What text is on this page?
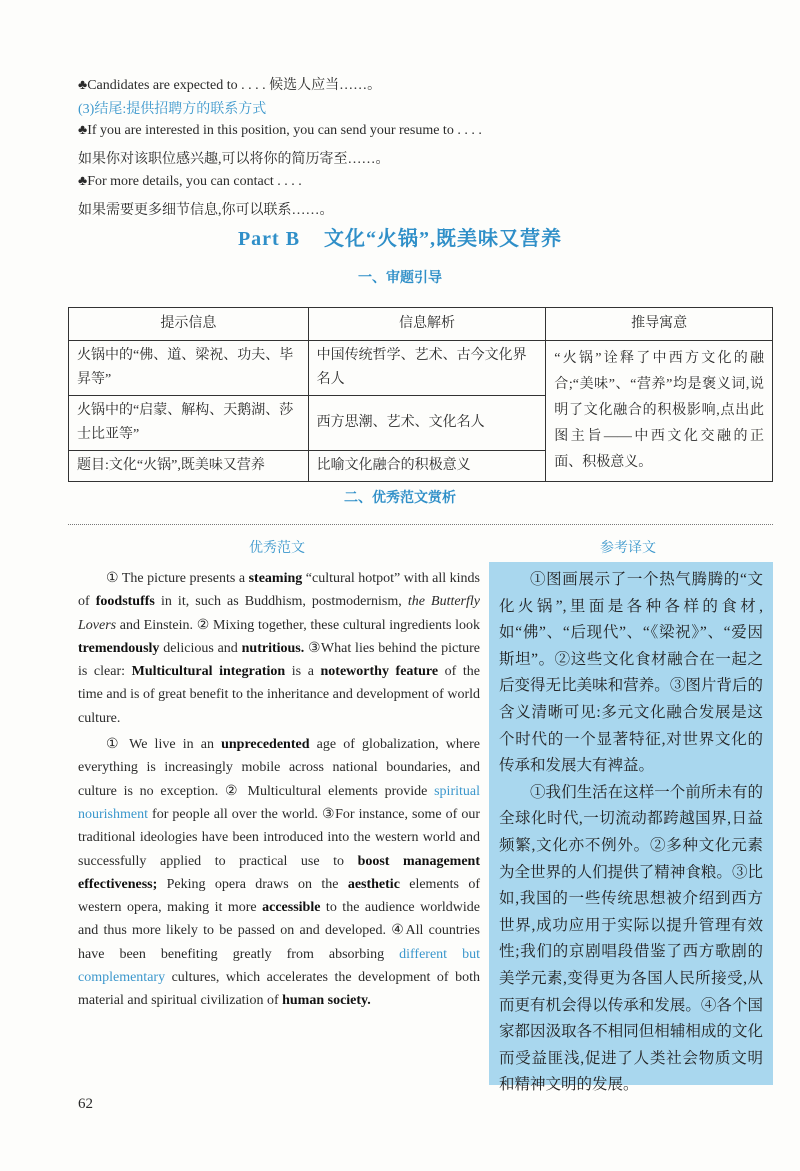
♣Candidates are expected to . . . . 候选人应当……。
(3)结尾:提供招聘方的联系方式
♣If you are interested in this position, you can send your resume to . . . .
如果你对该职位感兴趣,可以将你的简历寄至……。
♣For more details, you can contact . . . .
如果需要更多细节信息,你可以联系……。
Part B    文化“火锅”,既美味又营养
一、审题引导
提示信息	信息解析	推导寓意
火锅中的“佛、道、梁祝、功夫、毕昇等”	中国传统哲学、艺术、古今文化界名人	“火锅”诠释了中西方文化的融合;“美味”、“营养”均是褒义词,说明了文化融合的积极影响,点出此图主旨——中西文化交融的正面、积极意义。
火锅中的“启蒙、解构、天鹅湖、莎士比亚等”	西方思潮、艺术、文化名人	
题目:文化“火锅”,既美味又营养	比喻文化融合的积极意义	
二、优秀范文赏析
优秀范文	参考译文

① The picture presents a steaming “cultural hotpot” with all kinds of foodstuffs in it, such as Buddhism, postmodernism, the Butterfly Lovers and Einstein. ② Mixing together, these cultural ingredients look tremendously delicious and nutritious. ③What lies behind the picture is clear: Multicultural integration is a noteworthy feature of the time and is of great benefit to the inheritance and development of world culture.

① We live in an unprecedented age of globalization, where everything is increasingly mobile across national boundaries, and culture is no exception. ② Multicultural elements provide spiritual nourishment for people all over the world. ③For instance, some of our traditional ideologies have been introduced into the western world and successfully applied to practical use to boost management effectiveness; Peking opera draws on the aesthetic elements of western opera, making it more accessible to the audience worldwide and thus more likely to be passed on and developed. ④All countries have been benefiting greatly from absorbing different but complementary cultures, which accelerates the development of both material and spiritual civilization of human society.

①图画展示了一个热气腾腾的“文化火锅”,里面是各种各样的食材,如“佛”、“后现代”、“《梁祝》”、“爱因斯坦”。②这些文化食材融合在一起之后变得无比美味和营养。③图片背后的含义清晰可见:多元文化融合发展是这个时代的一个显著特征,对世界文化的传承和发展大有裨益。

①我们生活在这样一个前所未有的全球化时代,一切流动都跨越国界,日益频繁,文化亦不例外。②多种文化元素为全世界的人们提供了精神食粮。③比如,我国的一些传统思想被介绍到西方世界,成功应用于实际以提升管理有效性;我们的京剧唱段借鉴了西方歌剧的美学元素,变得更为各国人民所接受,从而更有机会得以传承和发展。④各个国家都因汲取各不相同但相辅相成的文化而受益匪浅,促进了人类社会物质文明和精神文明的发展。

62
